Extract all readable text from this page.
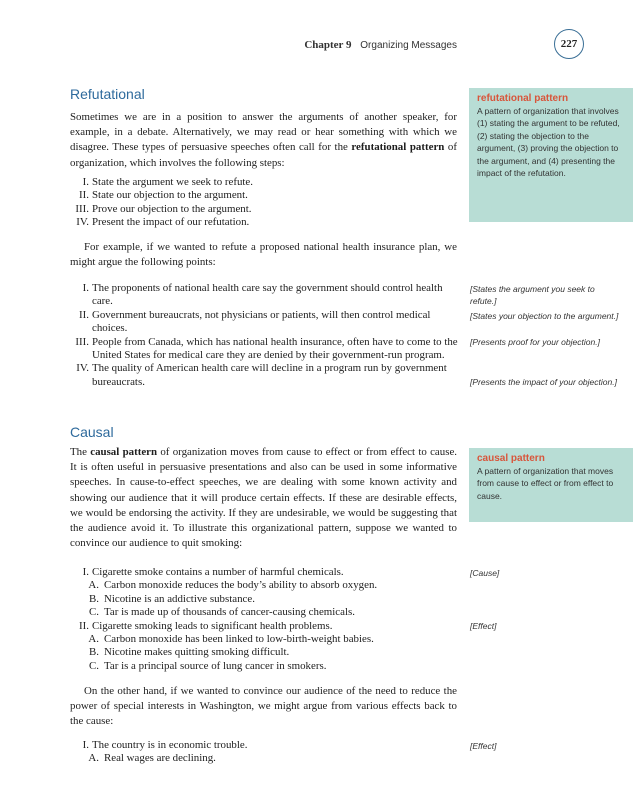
Chapter 9 Organizing Messages	227
Refutational
Sometimes we are in a position to answer the arguments of another speaker, for example, in a debate. Alternatively, we may read or hear something with which we disagree. These types of persuasive speeches often call for the refutational pattern of organization, which involves the following steps:
I. State the argument we seek to refute.
II. State our objection to the argument.
III. Prove our objection to the argument.
IV. Present the impact of our refutation.
For example, if we wanted to refute a proposed national health insurance plan, we might argue the following points:
I. The proponents of national health care say the government should control health care.
II. Government bureaucrats, not physicians or patients, will then control medical choices.
III. People from Canada, which has national health insurance, often have to come to the United States for medical care they are denied by their government-run program.
IV. The quality of American health care will decline in a program run by government bureaucrats.
refutational pattern
A pattern of organization that involves (1) stating the argument to be refuted, (2) stating the objection to the argument, (3) proving the objection to the argument, and (4) presenting the impact of the refutation.
[States the argument you seek to refute.]
[States your objection to the argument.]
[Presents proof for your objection.]
[Presents the impact of your objection.]
Causal
The causal pattern of organization moves from cause to effect or from effect to cause. It is often useful in persuasive presentations and also can be used in some informative speeches. In cause-to-effect speeches, we are dealing with some known activity and showing our audience that it will produce certain effects. If these are desirable effects, we would be endorsing the activity. If they are undesirable, we would be suggesting that the audience avoid it. To illustrate this organizational pattern, suppose we wanted to convince our audience to quit smoking:
causal pattern
A pattern of organization that moves from cause to effect or from effect to cause.
I. Cigarette smoke contains a number of harmful chemicals.
A. Carbon monoxide reduces the body’s ability to absorb oxygen.
B. Nicotine is an addictive substance.
C. Tar is made up of thousands of cancer-causing chemicals.
II. Cigarette smoking leads to significant health problems.
A. Carbon monoxide has been linked to low-birth-weight babies.
B. Nicotine makes quitting smoking difficult.
C. Tar is a principal source of lung cancer in smokers.
[Cause]
[Effect]
[Effect]
On the other hand, if we wanted to convince our audience of the need to reduce the power of special interests in Washington, we might argue from various effects back to the cause:
I. The country is in economic trouble.
A. Real wages are declining.
